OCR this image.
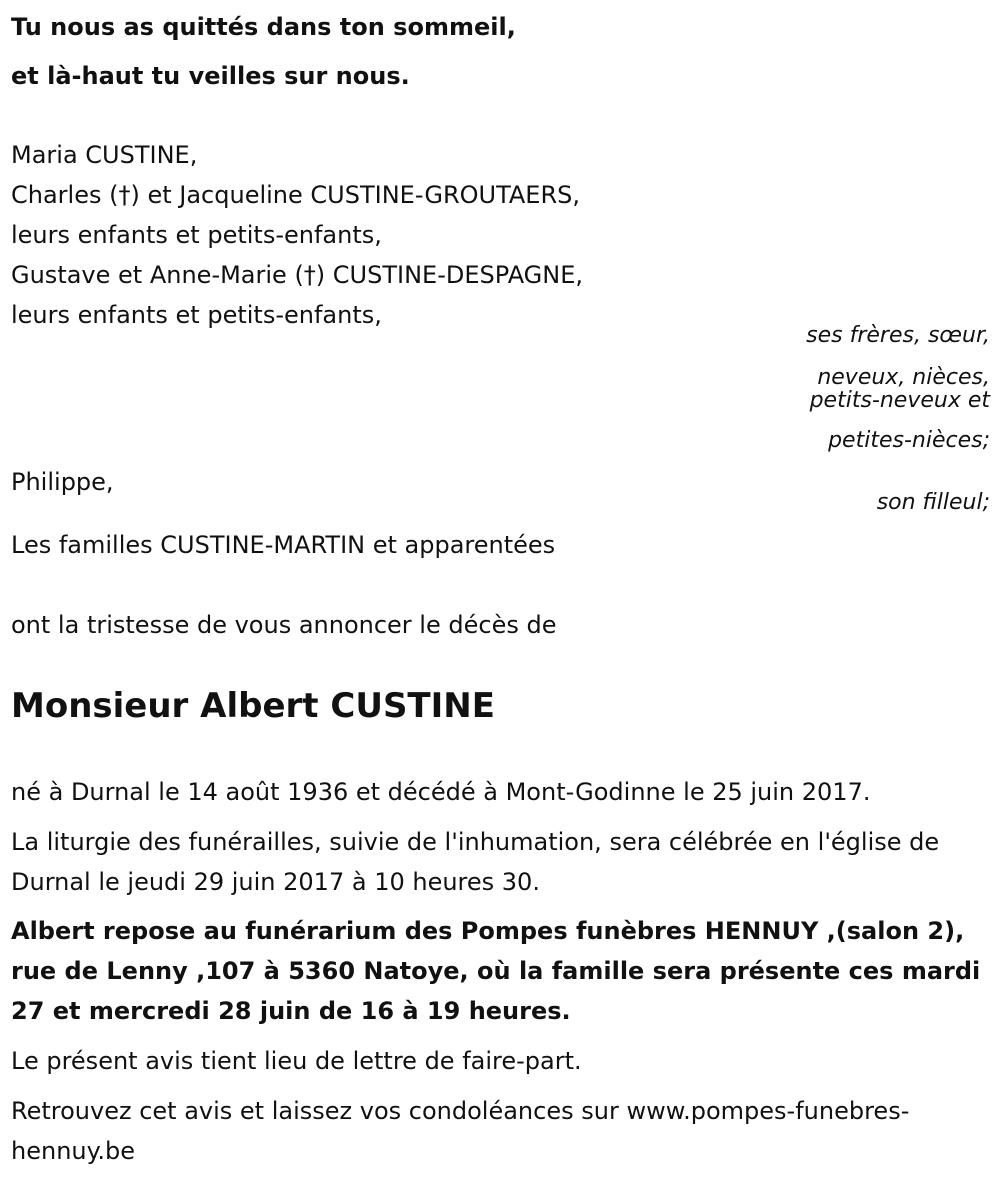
Tu nous as quittés dans ton sommeil,
et là-haut tu veilles sur nous.
Maria CUSTINE,
Charles (†) et Jacqueline CUSTINE-GROUTAERS,
leurs enfants et petits-enfants,
Gustave et Anne-Marie (†) CUSTINE-DESPAGNE,
leurs enfants et petits-enfants,
ses frères, sœur,
neveux, nièces,
petits-neveux et
petites-nièces;
Philippe,
son filleul;
Les familles CUSTINE-MARTIN et apparentées
ont la tristesse de vous annoncer le décès de
Monsieur Albert CUSTINE
né à Durnal le 14 août 1936 et décédé à Mont-Godinne le 25 juin 2017.
La liturgie des funérailles, suivie de l'inhumation, sera célébrée en l'église de Durnal le jeudi 29 juin 2017 à 10 heures 30.
Albert repose au funérarium des Pompes funèbres HENNUY ,(salon 2), rue de Lenny ,107 à 5360 Natoye, où la famille sera présente ces mardi 27 et mercredi 28 juin de 16 à 19 heures.
Le présent avis tient lieu de lettre de faire-part.
Retrouvez cet avis et laissez vos condoléances sur www.pompes-funebres-hennuy.be
